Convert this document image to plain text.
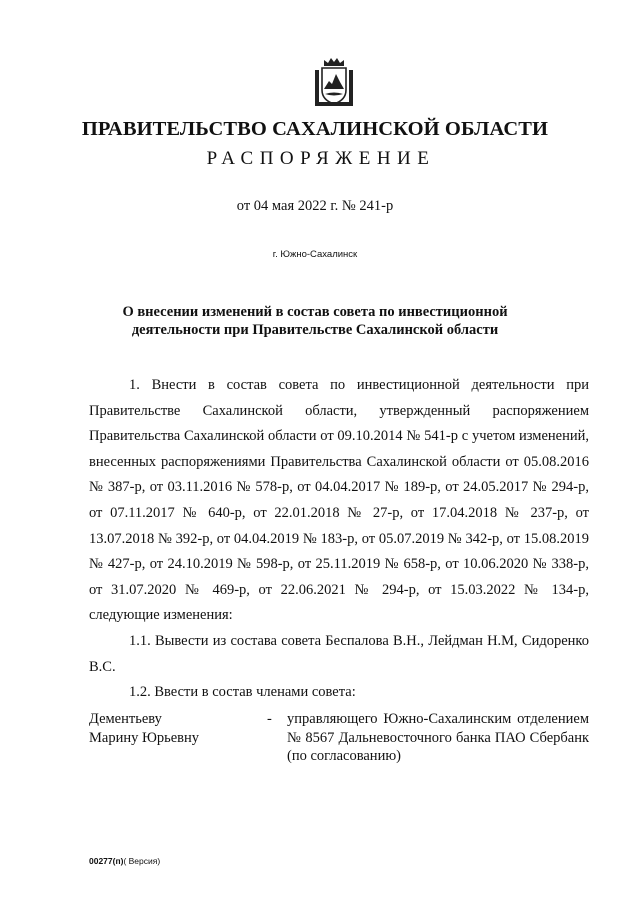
ПРАВИТЕЛЬСТВО САХАЛИНСКОЙ ОБЛАСТИ
РАСПОРЯЖЕНИЕ
от 04 мая 2022 г. № 241-р
г. Южно-Сахалинск
О внесении изменений в состав совета по инвестиционной
деятельности при Правительстве Сахалинской области
1. Внести в состав совета по инвестиционной деятельности при Правительстве Сахалинской области, утвержденный распоряжением Правительства Сахалинской области от 09.10.2014 № 541-р с учетом изменений, внесенных распоряжениями Правительства Сахалинской области от 05.08.2016 № 387-р, от 03.11.2016 № 578-р, от 04.04.2017 № 189-р, от 24.05.2017 № 294-р, от 07.11.2017 № 640-р, от 22.01.2018 № 27-р, от 17.04.2018 № 237-р, от 13.07.2018 № 392-р, от 04.04.2019 № 183-р, от 05.07.2019 № 342-р, от 15.08.2019 № 427-р, от 24.10.2019 № 598-р, от 25.11.2019 № 658-р, от 10.06.2020 № 338-р, от 31.07.2020 № 469-р, от 22.06.2021 № 294-р, от 15.03.2022 № 134-р, следующие изменения:
1.1. Вывести из состава совета Беспалова В.Н., Лейдман Н.М, Сидоренко В.С.
1.2. Ввести в состав членами совета:
Дементьеву
Марину Юрьевну
- управляющего Южно-Сахалинским отделением № 8567 Дальневосточного банка ПАО Сбербанк (по согласованию)
00277(п)( Версия)
